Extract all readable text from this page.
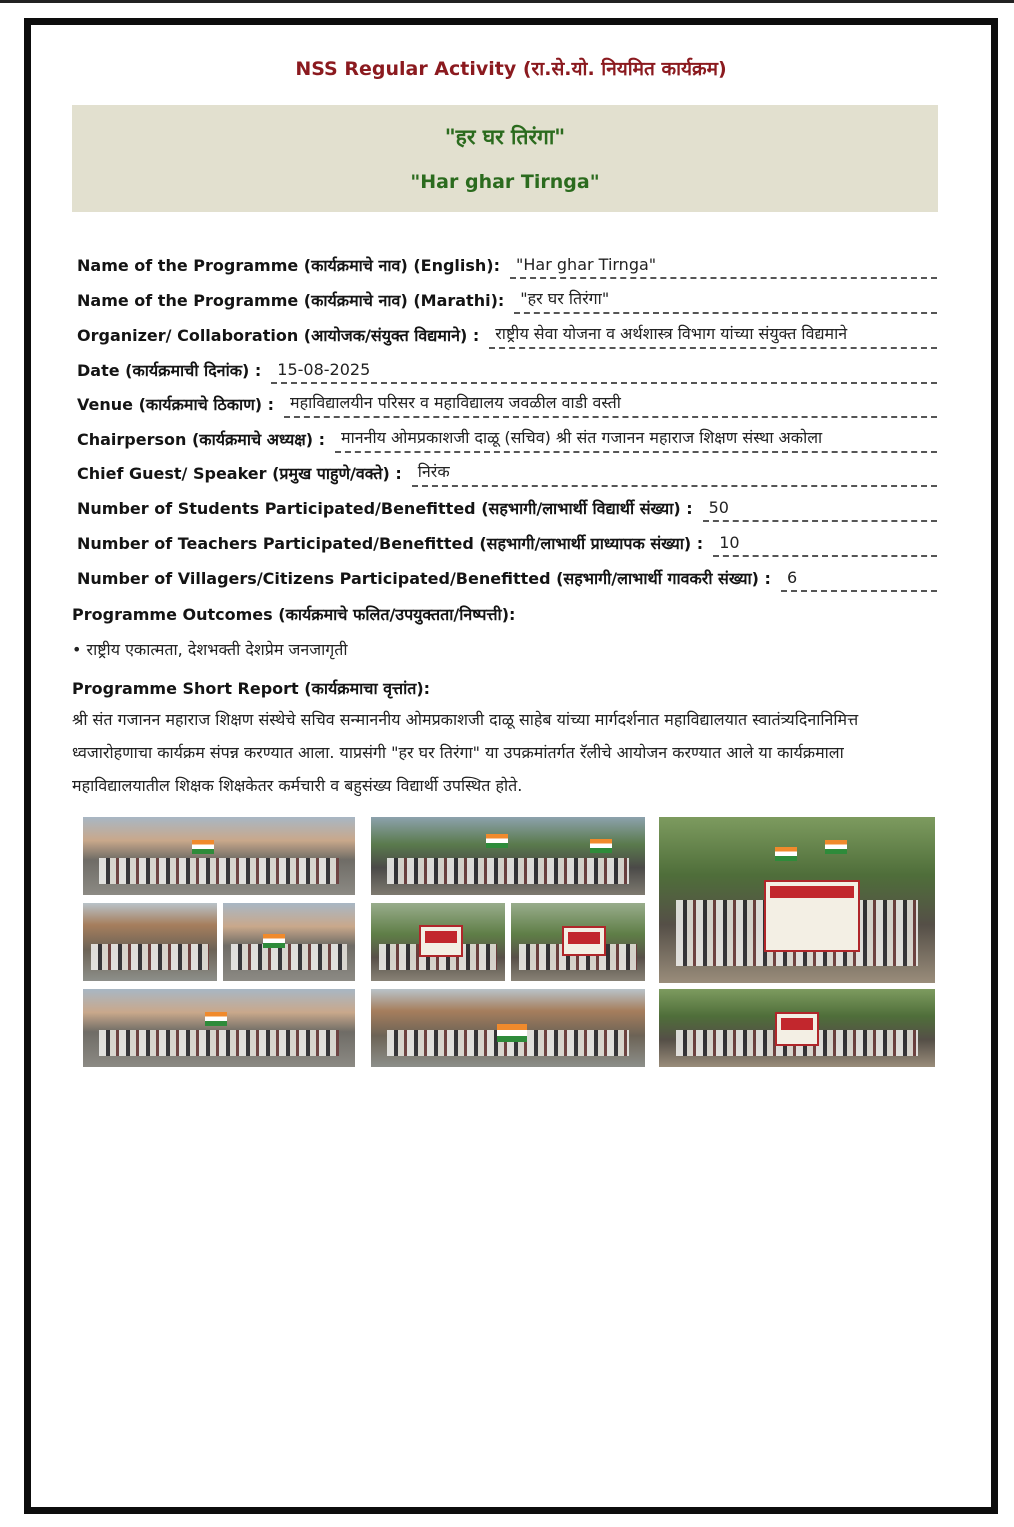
NSS Regular Activity (रा.से.यो. नियमित कार्यक्रम)
"हर घर तिरंगा"
"Har ghar Tirnga"
Name of the Programme (कार्यक्रमाचे नाव) (English):	"Har ghar Tirnga"
Name of the Programme (कार्यक्रमाचे नाव) (Marathi):	"हर घर तिरंगा"
Organizer/ Collaboration (आयोजक/संयुक्त विद्यमाने) :	राष्ट्रीय सेवा योजना व अर्थशास्त्र विभाग यांच्या संयुक्त विद्यमाने
Date (कार्यक्रमाची दिनांक) :	15-08-2025
Venue (कार्यक्रमाचे ठिकाण) :	महाविद्यालयीन परिसर व महाविद्यालय जवळील वाडी वस्ती
Chairperson (कार्यक्रमाचे अध्यक्ष) :	माननीय ओमप्रकाशजी दाळू (सचिव) श्री संत गजानन महाराज शिक्षण संस्था अकोला
Chief Guest/ Speaker (प्रमुख पाहुणे/वक्ते) :	निरंक
Number of Students Participated/Benefitted (सहभागी/लाभार्थी विद्यार्थी संख्या) :	50
Number of Teachers Participated/Benefitted (सहभागी/लाभार्थी प्राध्यापक संख्या) :	10
Number of Villagers/Citizens Participated/Benefitted (सहभागी/लाभार्थी गावकरी संख्या) :	6
Programme Outcomes (कार्यक्रमाचे फलित/उपयुक्तता/निष्पत्ती):
• राष्ट्रीय एकात्मता, देशभक्ती देशप्रेम जनजागृती
Programme Short Report (कार्यक्रमाचा वृत्तांत):
श्री संत गजानन महाराज शिक्षण संस्थेचे सचिव सन्माननीय ओमप्रकाशजी दाळू साहेब यांच्या मार्गदर्शनात महाविद्यालयात स्वातंत्र्यदिनानिमित्त ध्वजारोहणाचा कार्यक्रम संपन्न करण्यात आला. याप्रसंगी "हर घर तिरंगा" या उपक्रमांतर्गत रॅलीचे आयोजन करण्यात आले या कार्यक्रमाला महाविद्यालयातील शिक्षक शिक्षकेतर कर्मचारी व बहुसंख्य विद्यार्थी उपस्थित होते.
